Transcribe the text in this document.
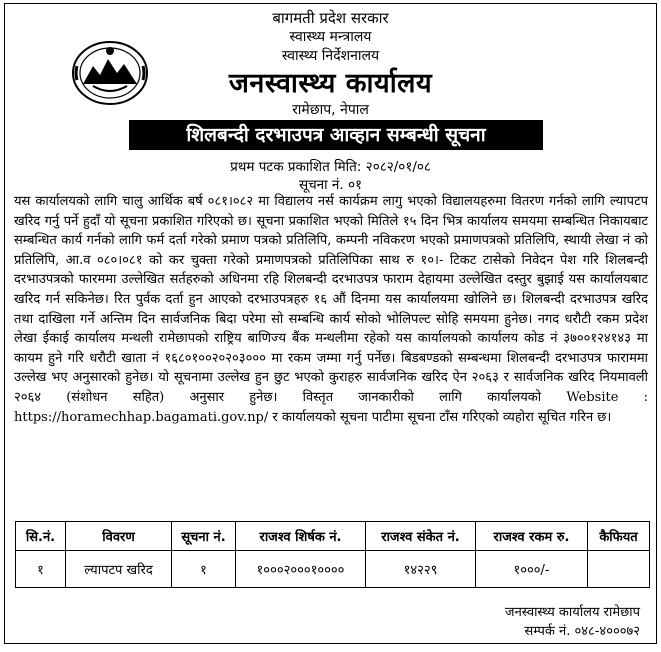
बागमती प्रदेश सरकार
स्वास्थ्य मन्त्रालय
स्वास्थ्य निर्देशनालय
जनस्वास्थ्य कार्यालय
रामेछाप, नेपाल
शिलबन्दी दरभाउपत्र आव्हान सम्बन्धी सूचना
प्रथम पटक प्रकाशित मिति: २०८२/०१/०८
सूचना नं. ०१

यस कार्यालयको लागि चालु आर्थिक बर्ष ०८१।०८२ मा विद्यालय नर्स कार्यक्रम लागु भएको विद्यालयहरुमा वितरण गर्नको लागि ल्यापटप खरिद गर्नु पर्ने हुदाँ यो सूचना प्रकाशित गरिएको छ। सूचना प्रकाशित भएको मितिले १५ दिन भित्र कार्यालय समयमा सम्बन्धित निकायबाट सम्बन्धित कार्य गर्नको लागि फर्म दर्ता गरेको प्रमाण पत्रको प्रतिलिपि, कम्पनी नविकरण भएको प्रमाणपत्रको प्रतिलिपि, स्थायी लेखा नं को प्रतिलिपि, आ.व ०८०।०८१ को कर चुक्ता गरेको प्रमाणपत्रको प्रतिलिपिका साथ रु १०।- टिकट टासेको निवेदन पेश गरि शिलबन्दी दरभाउपत्रको फारममा उल्लेखित सर्तहरुको अधिनमा रहि शिलबन्दी दरभाउपत्र फाराम देहायमा उल्लेखित दस्तुर बुझाई यस कार्यालयबाट खरिद गर्न सकिनेछ। रित पुर्वक दर्ता हुन आएको दरभाउपत्रहरु १६ औं दिनमा यस कार्यालयमा खोलिने छ। शिलबन्दी दरभाउपत्र खरिद तथा दाखिला गर्ने अन्तिम दिन सार्वजनिक बिदा परेमा सो सम्बन्धि कार्य सोको भोलिपल्ट सोहि समयमा हुनेछ। नगद धरौटी रकम प्रदेश लेखा ईकाई कार्यालय मन्थली रामेछापको राष्ट्रिय बाणिज्य बैंक मन्थलीमा रहेको यस कार्यालयको कार्यालय कोड नं ३७००१२४१४३ मा कायम हुने गरि धरौटी खाता नं १६८०१००२०२०३००० मा रकम जम्मा गर्नु पर्नेछ। बिडबण्डको सम्बन्धमा शिलबन्दी दरभाउपत्र फाराममा उल्लेख भए अनुसारको हुनेछ। यो सूचनामा उल्लेख हुन छुट भएको कुराहरु सार्वजनिक खरिद ऐन २०६३ र सार्वजनिक खरिद नियमावली २०६४ (संशोधन सहित) अनुसार हुनेछ। विस्तृत जानकारीको लागि कार्यालयको Website : https://horamechhap.bagamati.gov.np/ र कार्यालयको सूचना पाटीमा सूचना टाँस गरिएको व्यहोरा सूचित गरिन छ।

सि.नं.	विवरण	सूचना नं.	राजश्व शिर्षक नं.	राजश्व संकेत नं.	राजश्व रकम रु.	कैफियत
१	ल्यापटप खरिद	१	१०००२०००१००००	१४२२९	१०००/-	
जनस्वास्थ्य कार्यालय रामेछाप
सम्पर्क नं. ०४८-४०००७२
